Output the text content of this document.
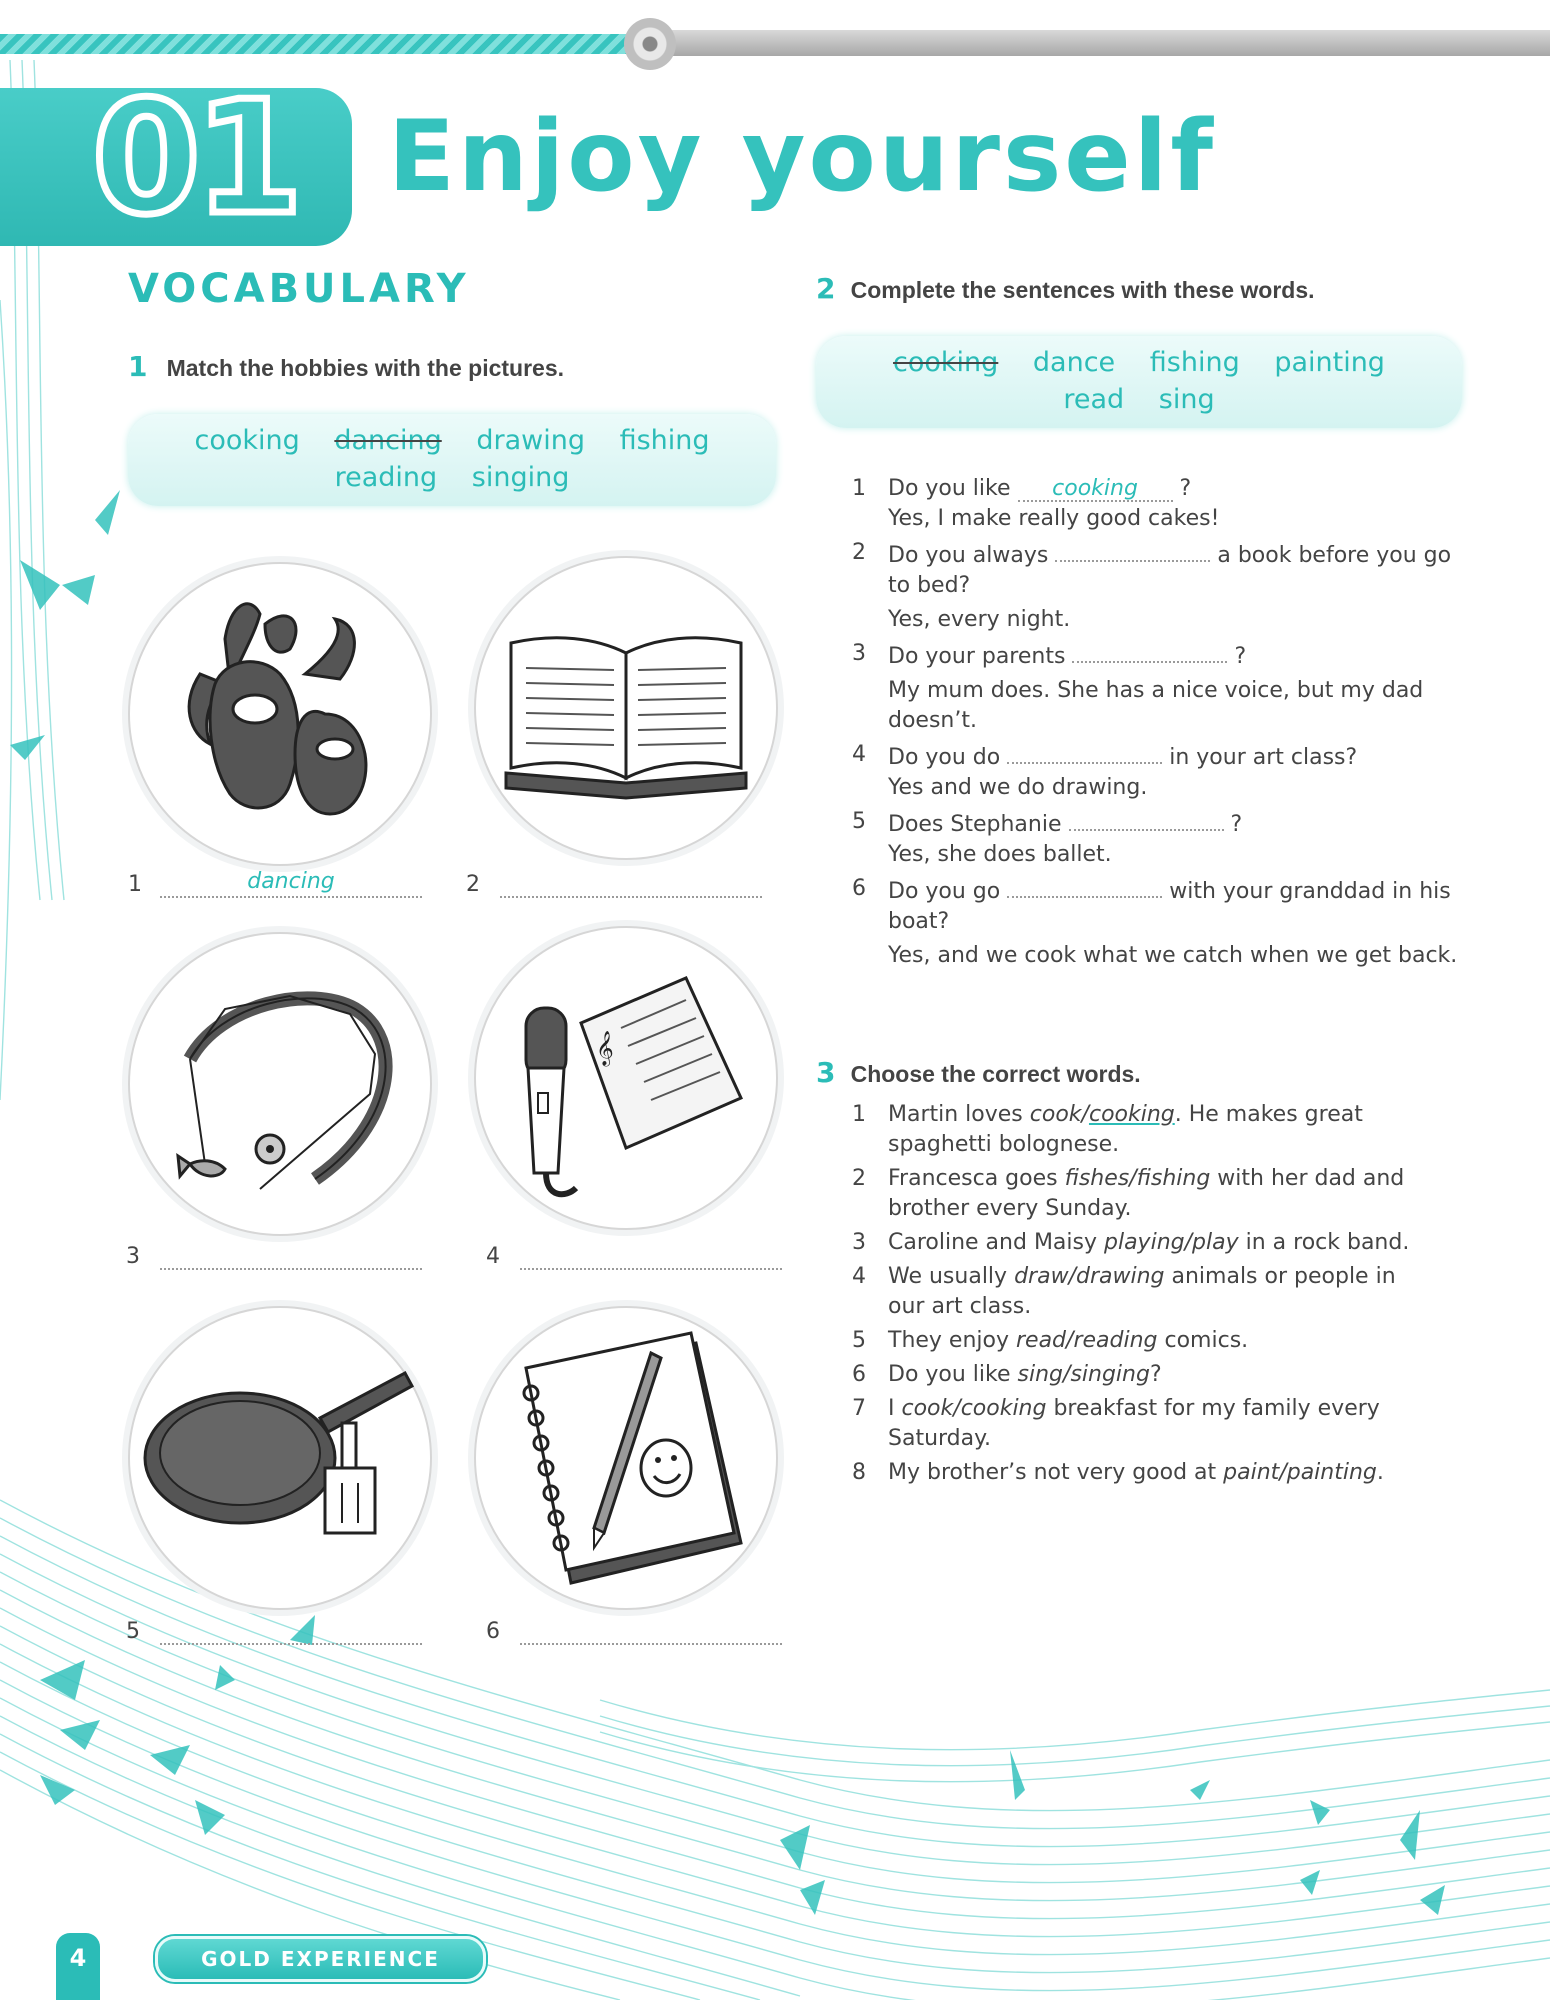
01 Enjoy yourself
VOCABULARY
1 Match the hobbies with the pictures.
cooking dancing drawing fishing
reading singing
1	dancing	2
𝄞
3	4
5	6
2 Complete the sentences with these words.
cooking dance fishing painting
read sing
1 Do you like cooking ?
Yes, I make really good cakes!
2 Do you always	a book before you go to bed?
Yes, every night.
3 Do your parents	?
My mum does. She has a nice voice, but my dad doesn’t.
4 Do you do	in your art class?
Yes and we do drawing.
5 Does Stephanie	?
Yes, she does ballet.
6 Do you go	with your granddad in his boat?
Yes, and we cook what we catch when we get back.
3 Choose the correct words.
1 Martin loves cook/cooking. He makes great spaghetti bolognese.
2 Francesca goes fishes/fishing with her dad and brother every Sunday.
3 Caroline and Maisy playing/play in a rock band.
4 We usually draw/drawing animals or people in our art class.
5 They enjoy read/reading comics.
6 Do you like sing/singing?
7 I cook/cooking breakfast for my family every Saturday.
8 My brother’s not very good at paint/painting.
4	GOLD EXPERIENCE
